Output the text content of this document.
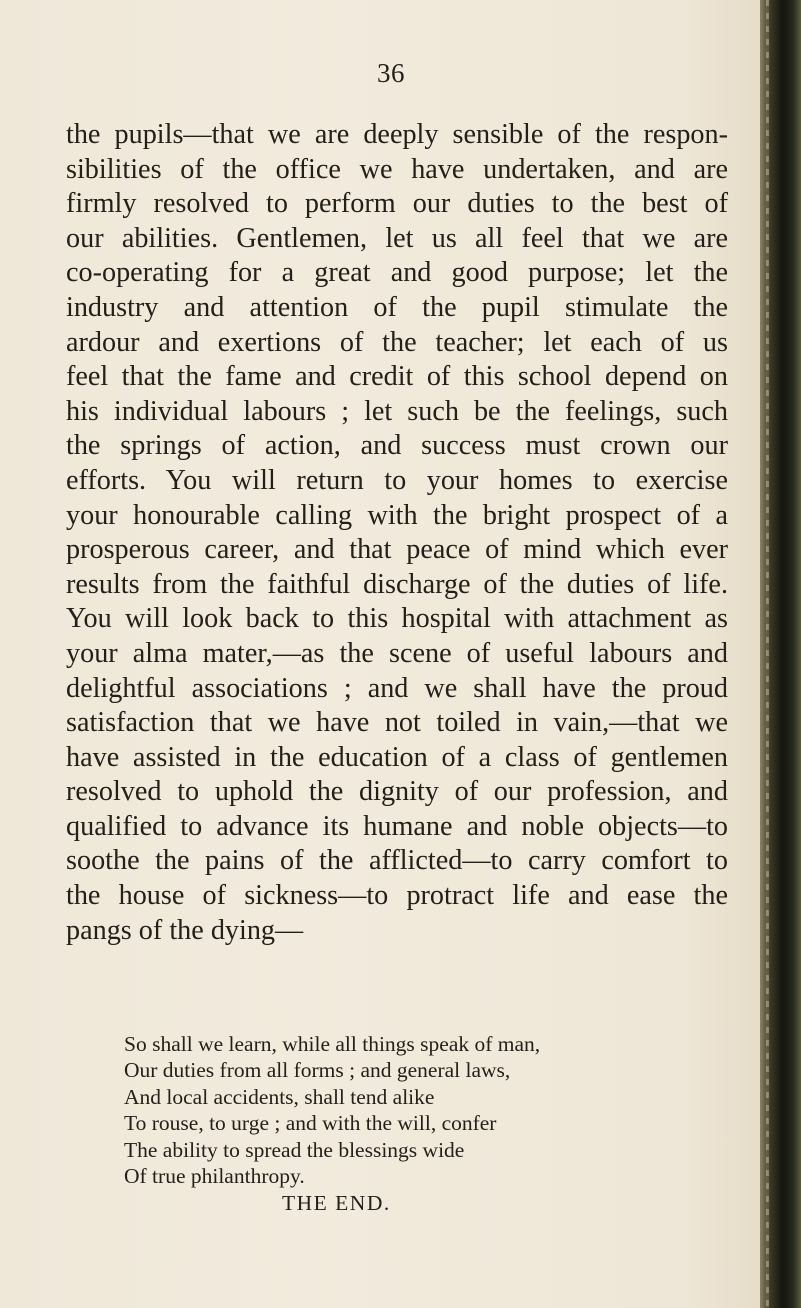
36

the pupils—that we are deeply sensible of the respon-
sibilities of the office we have undertaken, and are
firmly resolved to perform our duties to the best of
our abilities. Gentlemen, let us all feel that we are
co-operating for a great and good purpose; let the
industry and attention of the pupil stimulate the
ardour and exertions of the teacher; let each of us
feel that the fame and credit of this school depend on
his individual labours ; let such be the feelings, such
the springs of action, and success must crown our
efforts. You will return to your homes to exercise
your honourable calling with the bright prospect of a
prosperous career, and that peace of mind which ever
results from the faithful discharge of the duties of life.
You will look back to this hospital with attachment as
your alma mater,—as the scene of useful labours and
delightful associations ; and we shall have the proud
satisfaction that we have not toiled in vain,—that we
have assisted in the education of a class of gentlemen
resolved to uphold the dignity of our profession, and
qualified to advance its humane and noble objects—to
soothe the pains of the afflicted—to carry comfort to
the house of sickness—to protract life and ease the
pangs of the dying—

So shall we learn, while all things speak of man,
Our duties from all forms ; and general laws,
And local accidents, shall tend alike
To rouse, to urge ; and with the will, confer
The ability to spread the blessings wide
Of true philanthropy.

THE END.
